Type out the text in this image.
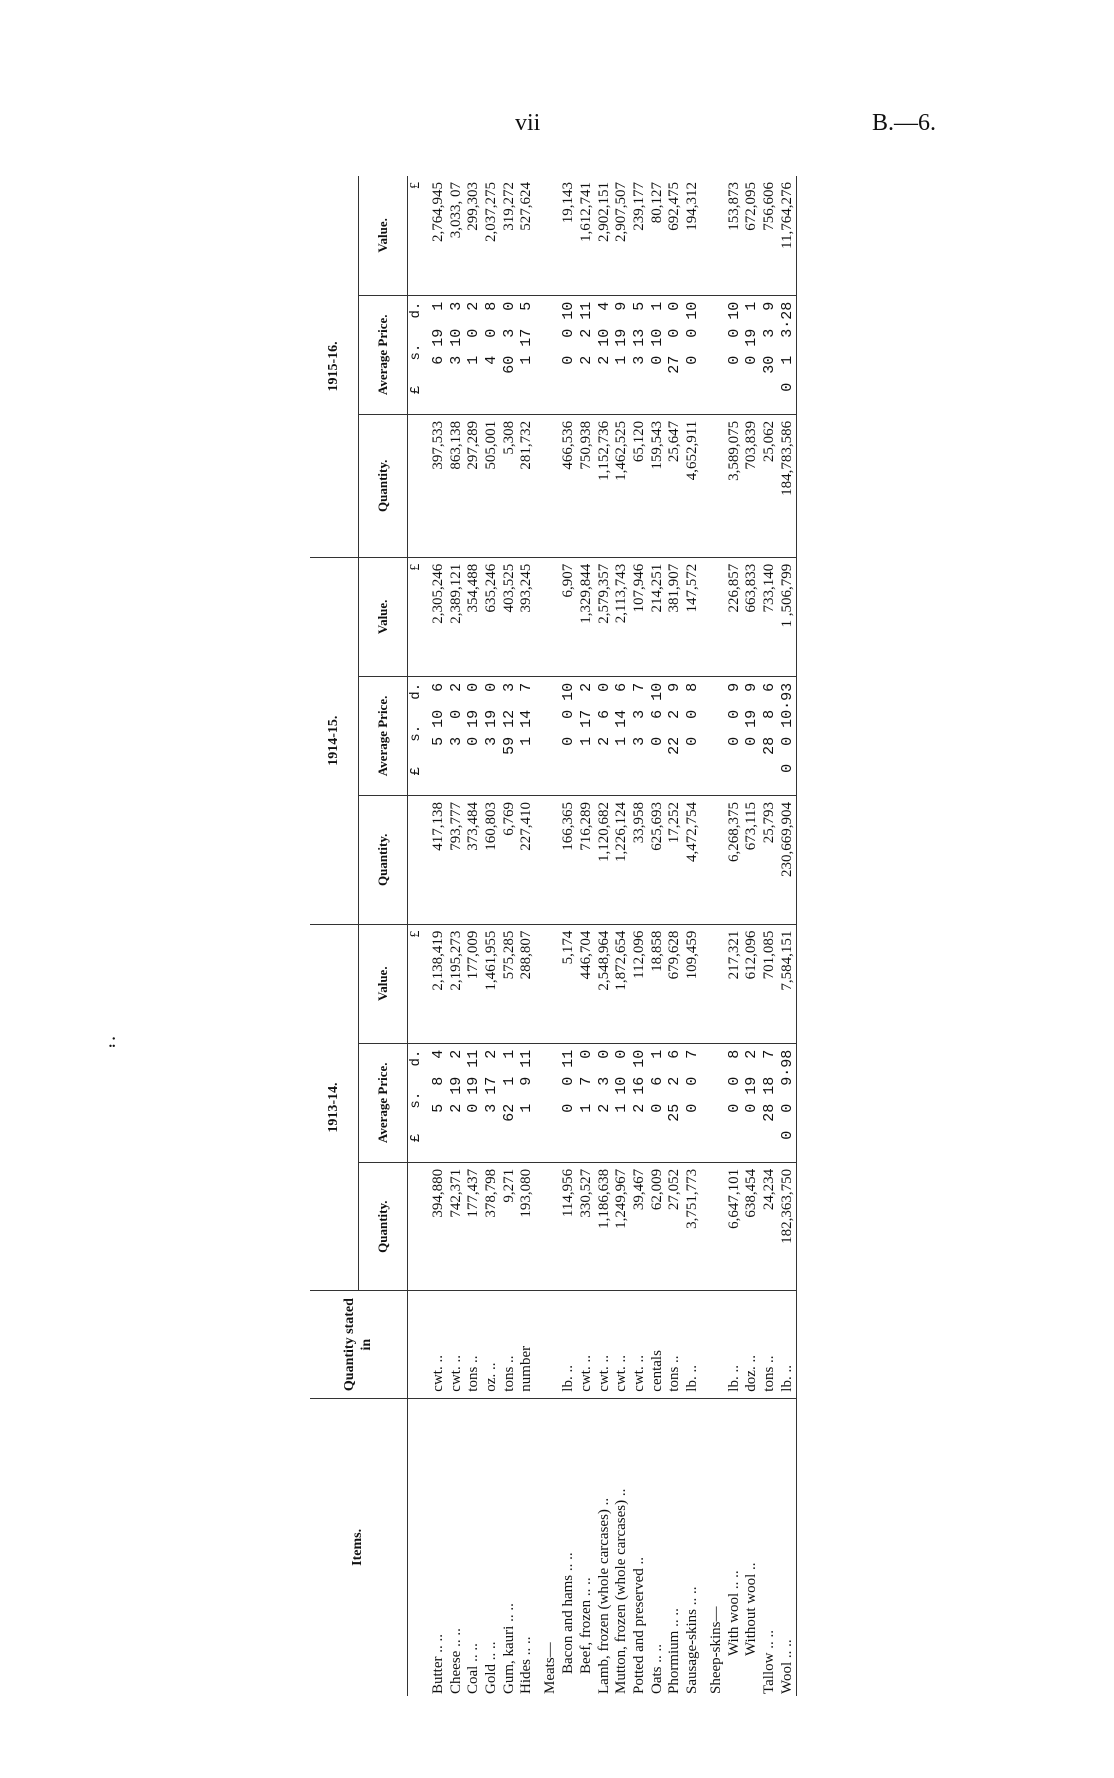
vii	B.—6.
.:
Items.	Quantity stated in	1913-14.			1914-15.			1915-16.		
		Quantity.	Average Price.	Value.	Quantity.	Average Price.	Value.	Quantity.	Average Price.	Value.
			£   s.   d.	£		£   s.   d.	£		£   s.   d.	£
Butter .. ..	cwt. ..	394,880	5  8  4	2,138,419	417,138	5 10  6	2,305,246	397,533	6 19  1	2,764,945
Cheese .. ..	cwt. ..	742,371	2 19  2	2,195,273	793,777	3  0  2	2,389,121	863,138	3 10  3	3,033, 07
Coal .. ..	tons ..	177,437	0 19 11	177,009	373,484	0 19  0	354,488	297,289	1  0  2	299,303
Gold .. ..	oz. ..	378,798	3 17  2	1,461,955	160,803	3 19  0	635,246	505,001	4  0  8	2,037,275
Gum, kauri .. ..	tons ..	9,271	62  1  1	575,285	6,769	59 12  3	403,525	5,308	60  3  0	319,272
Hides .. ..	number	193,080	1  9 11	288,807	227,410	1 14  7	393,245	281,732	1 17  5	527,624
Meats—										
Bacon and hams .. ..	lb. ..	114,956	0  0 11	5,174	166,365	0  0 10	6,907	466,536	0  0 10	19,143
Beef, frozen .. ..	cwt. ..	330,527	1  7  0	446,704	716,289	1 17  2	1,329,844	750,938	2  2 11	1,612,741
Lamb, frozen (whole carcases) ..	cwt. ..	1,186,638	2  3  0	2,548,964	1,120,682	2  6  0	2,579,357	1,152,736	2 10  4	2,902,151
Mutton, frozen (whole carcases) ..	cwt. ..	1,249,967	1 10  0	1,872,654	1,226,124	1 14  6	2,113,743	1,462,525	1 19  9	2,907,507
Potted and preserved ..	cwt. ..	39,467	2 16 10	112,096	33,958	3  3  7	107,946	65,120	3 13  5	239,177
Oats .. ..	centals	62,009	0  6  1	18,858	625,693	0  6 10	214,251	159,543	0 10  1	80,127
Phormium .. ..	tons ..	27,052	25  2  6	679,628	17,252	22  2  9	381,907	25,647	27  0  0	692,475
Sausage-skins .. ..	lb. ..	3,751,773	0  0  7	109,459	4,472,754	0  0  8	147,572	4,652,911	0  0 10	194,312
Sheep-skins—										
With wool .. ..	lb. ..	6,647,101	0  0  8	217,321	6,268,375	0  0  9	226,857	3,589,075	0  0 10	153,873
Without wool ..	doz. ..	638,454	0 19  2	612,096	673,115	0 19  9	663,833	703,839	0 19  1	672,095
Tallow .. ..	tons ..	24,234	28 18  7	701,085	25,793	28  8  6	733,140	25,062	30  3  9	756,606
Wool .. ..	lb. ..	182,363,750	0  0  9·98	7,584,151	230,669,904	0  0 10·93	1 ,506,799	184,783,586	0  1  3·28	11,764,276
